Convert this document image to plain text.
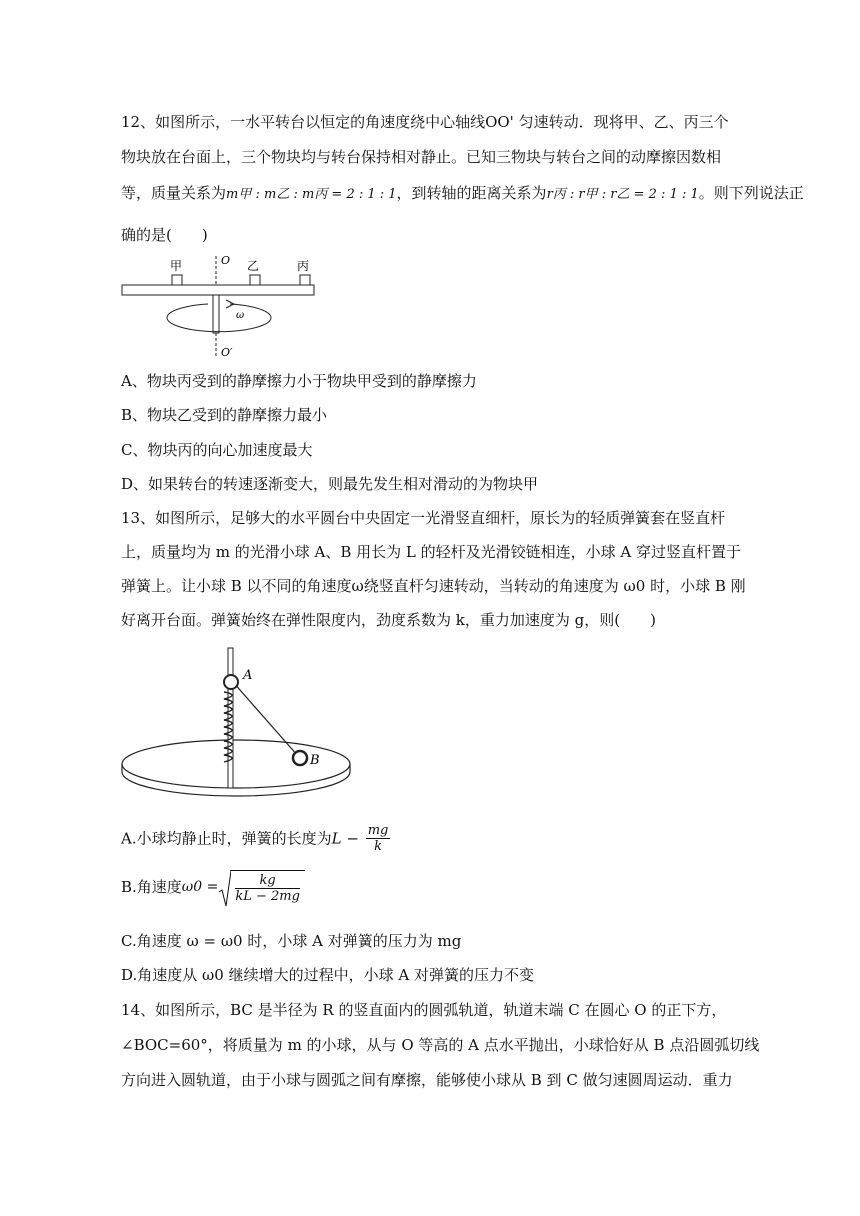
12、如图所示，一水平转台以恒定的角速度绕中心轴线OO' 匀速转动．现将甲、乙、丙三个
物块放在台面上，三个物块均与转台保持相对静止。已知三物块与转台之间的动摩擦因数相
等，质量关系为m甲 : m乙 : m丙 = 2 : 1 : 1，到转轴的距离关系为r丙 : r甲 : r乙 = 2 : 1 : 1。则下列说法正
确的是(　　)
甲	O 乙	丙
ω
O′
A、物块丙受到的静摩擦力小于物块甲受到的静摩擦力
B、物块乙受到的静摩擦力最小
C、物块丙的向心加速度最大
D、如果转台的转速逐渐变大，则最先发生相对滑动的为物块甲
13、如图所示，足够大的水平圆台中央固定一光滑竖直细杆，原长为的轻质弹簧套在竖直杆
上，质量均为 m 的光滑小球 A、B 用长为 L 的轻杆及光滑铰链相连，小球 A 穿过竖直杆置于
弹簧上。让小球 B 以不同的角速度ω绕竖直杆匀速转动，当转动的角速度为 ω0 时，小球 B 刚
好离开台面。弹簧始终在弹性限度内，劲度系数为 k，重力加速度为 g，则(　　)
A
B
A.小球均静止时，弹簧的长度为$L - \frac{mg}{k}$
B.角速度$\omega 0 = \frac{kg}{kL - 2mg}$
C.角速度 ω = ω0 时，小球 A 对弹簧的压力为 mg
D.角速度从 ω0 继续增大的过程中，小球 A 对弹簧的压力不变
14、如图所示，BC 是半径为 R 的竖直面内的圆弧轨道，轨道末端 C 在圆心 O 的正下方，
∠BOC=60°，将质量为 m 的小球，从与 O 等高的 A 点水平抛出，小球恰好从 B 点沿圆弧切线
方向进入圆轨道，由于小球与圆弧之间有摩擦，能够使小球从 B 到 C 做匀速圆周运动．重力
